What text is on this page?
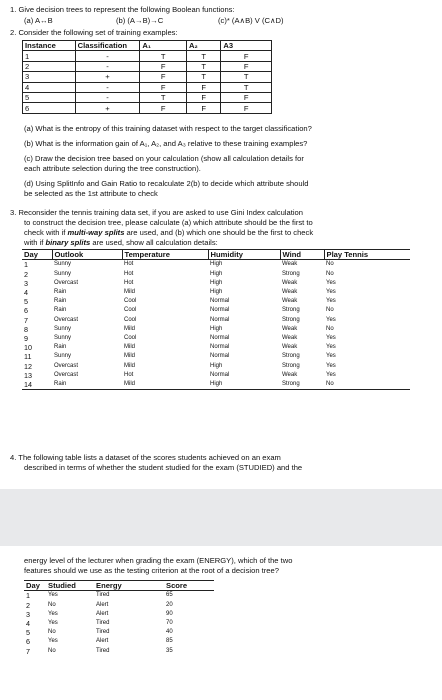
1. Give decision trees to represent the following Boolean functions:
(a) A↔B	(b) (A→B)→C	(c)* (A∧B) V (C∧D)
2. Consider the following set of training examples:
Instance	Classification	A₁	A₂	A3
1	-	T	T	F
2	-	F	T	F
3	+	F	T	T
4	-	F	F	T
5	-	T	F	F
6	+	F	F	F
(a) What is the entropy of this training dataset with respect to the target classification?
(b) What is the information gain of A₁, A₂, and A₃ relative to these training examples?
(c) Draw the decision tree based on your calculation (show all calculation details for
each attribute selection during the tree construction).
(d) Using SplitInfo and Gain Ratio to recalculate 2(b) to decide which attribute should
be selected as the 1st attribute to check
3. Reconsider the tennis training data set, if you are asked to use Gini Index calculation
to construct the decision tree, please calculate (a) which attribute should be the first to
check with if multi-way splits are used, and (b) which one should be the first to check
with if binary splits are used, show all calculation details:
Day	Outlook	Temperature	Humidity	Wind	Play Tennis
1	Sunny	Hot	High	Weak	No
2	Sunny	Hot	High	Strong	No
3	Overcast	Hot	High	Weak	Yes
4	Rain	Mild	High	Weak	Yes
5	Rain	Cool	Normal	Weak	Yes
6	Rain	Cool	Normal	Strong	No
7	Overcast	Cool	Normal	Strong	Yes
8	Sunny	Mild	High	Weak	No
9	Sunny	Cool	Normal	Weak	Yes
10	Rain	Mild	Normal	Weak	Yes
11	Sunny	Mild	Normal	Strong	Yes
12	Overcast	Mild	High	Strong	Yes
13	Overcast	Hot	Normal	Weak	Yes
14	Rain	Mild	High	Strong	No
4. The following table lists a dataset of the scores students achieved on an exam
described in terms of whether the student studied for the exam (STUDIED) and the
energy level of the lecturer when grading the exam (ENERGY), which of the two
features should we use as the testing criterion at the root of a decision tree?
Day	Studied	Energy	Score
1	Yes	Tired	65
2	No	Alert	20
3	Yes	Alert	90
4	Yes	Tired	70
5	No	Tired	40
6	Yes	Alert	85
7	No	Tired	35
